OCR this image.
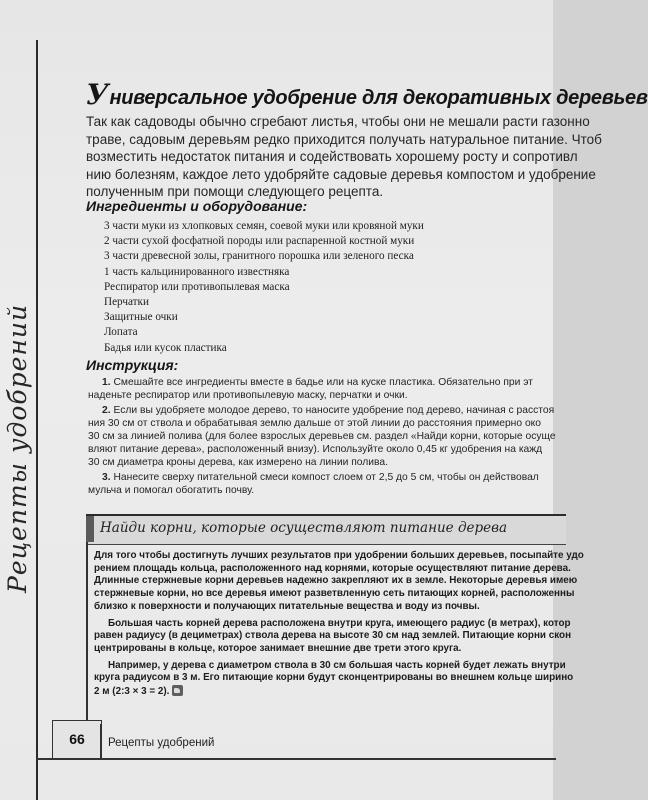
Рецепты удобрений
Универсальное удобрение для декоративных деревьев
Так как садоводы обычно сгребают листья, чтобы они не мешали расти газонно
траве, садовым деревьям редко приходится получать натуральное питание. Чтоб
возместить недостаток питания и содействовать хорошему росту и сопротивл
нию болезням, каждое лето удобряйте садовые деревья компостом и удобрение
полученным при помощи следующего рецепта.
Ингредиенты и оборудование:
3 части муки из хлопковых семян, соевой муки или кровяной муки
2 части сухой фосфатной породы или распаренной костной муки
3 части древесной золы, гранитного порошка или зеленого песка
1 часть кальцинированного известняка
Респиратор или противопылевая маска
Перчатки
Защитные очки
Лопата
Бадья или кусок пластика
Инструкция:
1. Смешайте все ингредиенты вместе в бадье или на куске пластика. Обязательно при эт
наденьте респиратор или противопылевую маску, перчатки и очки.
2. Если вы удобряете молодое дерево, то наносите удобрение под дерево, начиная с расстоя
ния 30 см от ствола и обрабатывая землю дальше от этой линии до расстояния примерно око
30 см за линией полива (для более взрослых деревьев см. раздел «Найди корни, которые осуще
вляют питание дерева», расположенный внизу). Используйте около 0,45 кг удобрения на кажд
30 см диаметра кроны дерева, как измерено на линии полива.
3. Нанесите сверху питательной смеси компост слоем от 2,5 до 5 см, чтобы он действовал
мульча и помогал обогатить почву.
Найди корни, которые осуществляют питание дерева
Для того чтобы достигнуть лучших результатов при удобрении больших деревьев, посыпайте удо
рением площадь кольца, расположенного над корнями, которые осуществляют питание дерева.
Длинные стержневые корни деревьев надежно закрепляют их в земле. Некоторые деревья имею
стержневые корни, но все деревья имеют разветвленную сеть питающих корней, расположенны
близко к поверхности и получающих питательные вещества и воду из почвы.
Большая часть корней дерева расположена внутри круга, имеющего радиус (в метрах), котор
равен радиусу (в дециметрах) ствола дерева на высоте 30 см над землей. Питающие корни скон
центрированы в кольце, которое занимает внешние две трети этого круга.
Например, у дерева с диаметром ствола в 30 см большая часть корней будет лежать внутри
круга радиусом в 3 м. Его питающие корни будут сконцентрированы во внешнем кольце ширино
2 м (2:3 × 3 = 2).
66	Рецепты удобрений
